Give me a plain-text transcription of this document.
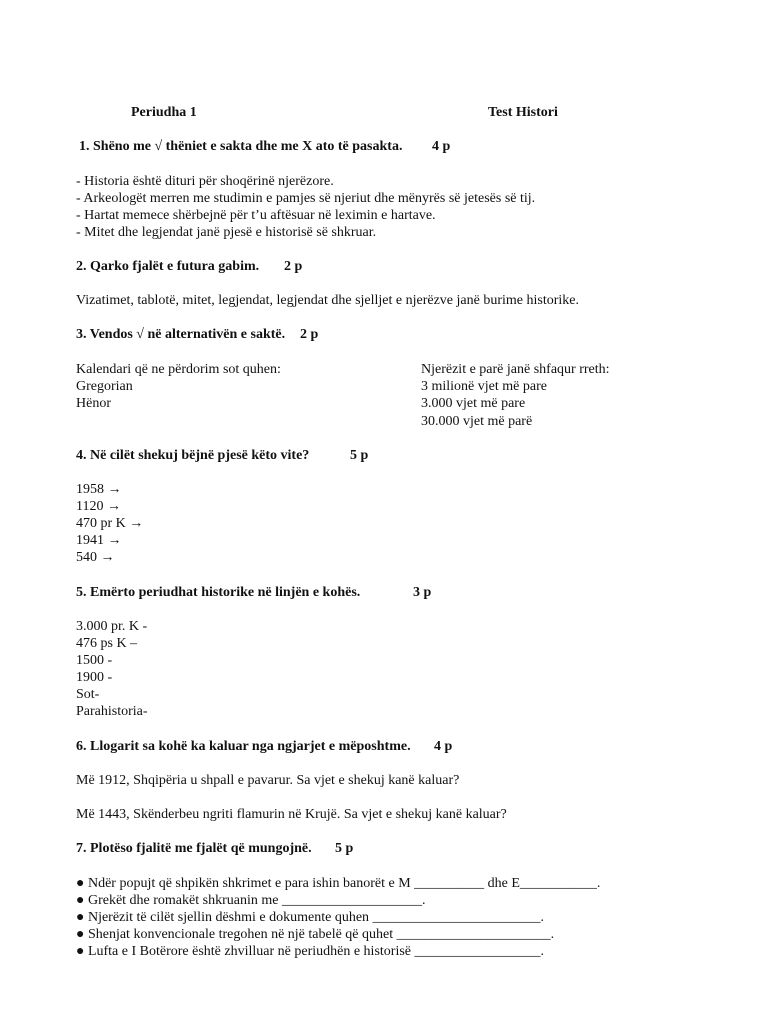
Periudha 1	Test Histori
1. Shëno me √ thëniet e sakta dhe me X ato të pasakta. 4 p
- Historia është dituri për shoqërinë njerëzore.
- Arkeologët merren me studimin e pamjes së njeriut dhe mënyrës së jetesës së tij.
- Hartat memece shërbejnë për t’u aftësuar në leximin e hartave.
- Mitet dhe legjendat janë pjesë e historisë së shkruar.
2. Qarko fjalët e futura gabim. 2 p
Vizatimet, tablotë, mitet, legjendat, legjendat dhe sjelljet e njerëzve janë burime historike.
3. Vendos √ në alternativën e saktë. 2 p
Kalendari që ne përdorim sot quhen:
Gregorian
Hënor
Njerëzit e parë janë shfaqur rreth:
3 milionë vjet më pare
3.000 vjet më pare
30.000 vjet më parë
4. Në cilët shekuj bëjnë pjesë këto vite?	5 p
1958 →
1120 →
470 pr K →
1941 →
540 →
5. Emërto periudhat historike në linjën e kohës.	3 p
3.000 pr. K -
476 ps K –
1500 -
1900 -
Sot-
Parahistoria-
6. Llogarit sa kohë ka kaluar nga ngjarjet e mëposhtme. 4 p
Më 1912, Shqipëria u shpall e pavarur. Sa vjet e shekuj kanë kaluar?
Më 1443, Skënderbeu ngriti flamurin në Krujë. Sa vjet e shekuj kanë kaluar?
7. Plotëso fjalitë me fjalët që mungojnë. 5 p
● Ndër popujt që shpikën shkrimet e para ishin banorët e M __________ dhe E___________.
● Grekët dhe romakët shkruanin me ____________________.
● Njerëzit të cilët sjellin dëshmi e dokumente quhen ________________________.
● Shenjat konvencionale tregohen në një tabelë që quhet ______________________.
● Lufta e I Botërore është zhvilluar në periudhën e historisë __________________.
